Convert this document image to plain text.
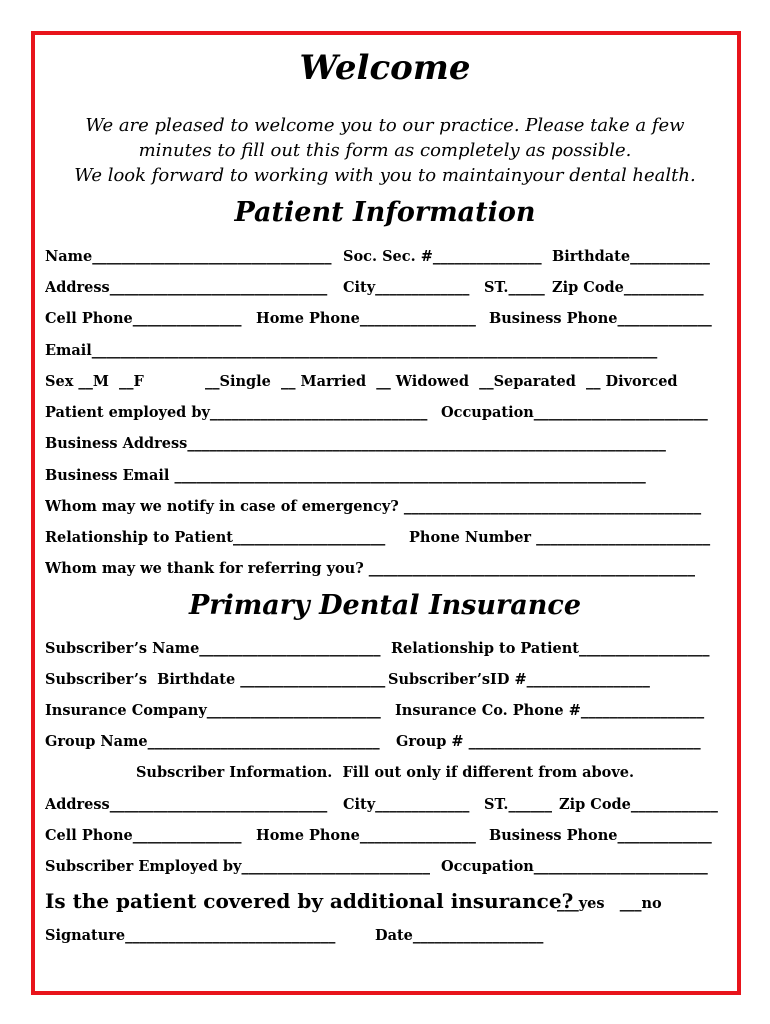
Welcome
We are pleased to welcome you to our practice. Please take a few
minutes to fill out this form as completely as possible.
We look forward to working with you to maintainyour dental health.
Patient Information

Name_________________________________

Soc. Sec. #_______________

Birthdate___________

Address______________________________

City_____________

ST._____

Zip Code___________

Cell Phone_______________

Home Phone________________

Business Phone_____________

Email______________________________________________________________________________

Sex __M  __F

	__Single  __ Married  __ Widowed  __Separated  __ Divorced

Patient employed by______________________________

Occupation________________________

Business Address__________________________________________________________________

Business Email _________________________________________________________________

Whom may we notify in case of emergency? _________________________________________

Relationship to Patient_____________________

Phone Number ________________________

Whom may we thank for referring you? _____________________________________________

Primary Dental Insurance

Subscriber’s Name_________________________

Relationship to Patient__________________

Subscriber’s  Birthdate ____________________

Subscriber’sID #_________________

Insurance Company________________________

Insurance Co. Phone #_________________

Group Name________________________________

Group # ________________________________

Subscriber Information.  Fill out only if different from above.

Address______________________________

City_____________

ST.______

Zip Code____________

Cell Phone_______________

Home Phone________________

Business Phone_____________

Subscriber Employed by__________________________

Occupation________________________

Is the patient covered by additional insurance?
___yes   ___no

Signature_____________________________

	Date__________________
